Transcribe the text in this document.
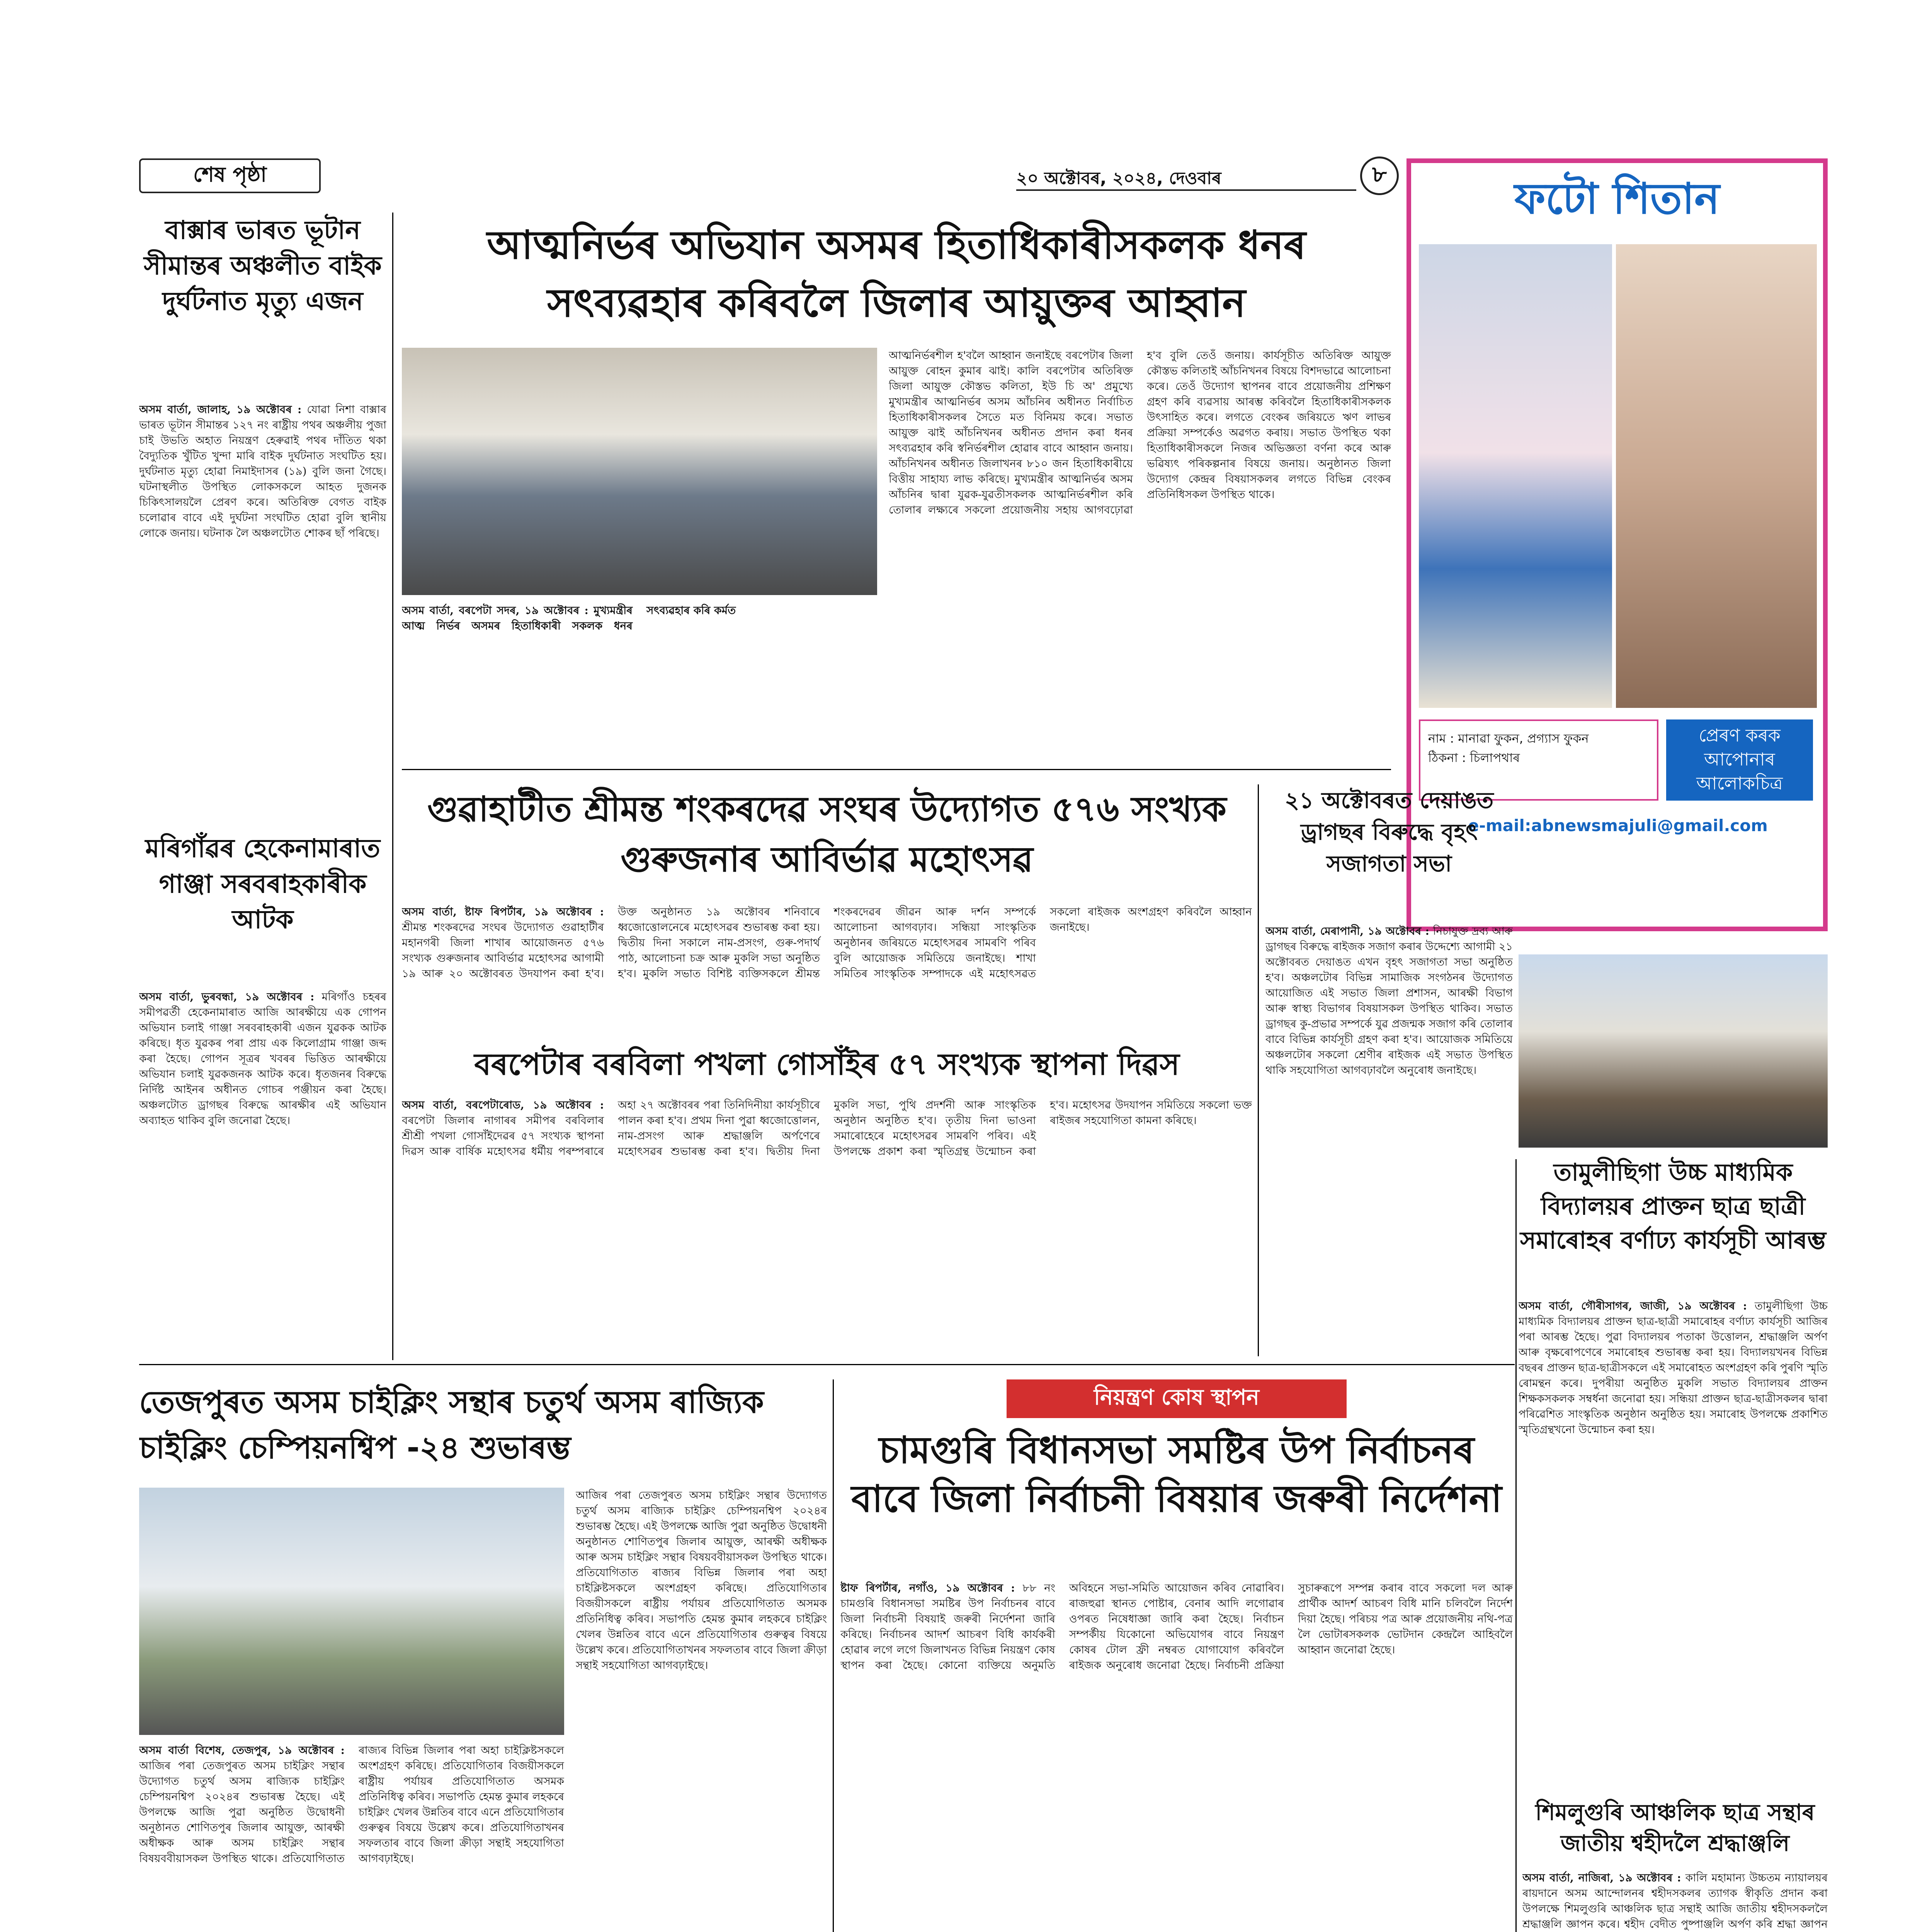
শেষ পৃষ্ঠা	২০ অক্টোবৰ, ২০২৪, দেওবাৰ	৮	ফটো শিতান
নাম : মানাৱা ফুকন, প্রগ্যাস ফুকন
ঠিকনা : চিলাপথাৰ
প্ৰেৰণ কৰক আপোনাৰ আলোকচিত্ৰ
e-mail:abnewsmajuli@gmail.com
বাক্সাৰ ভাৰত ভূটান সীমান্তৰ অঞ্চলীত বাইক দুৰ্ঘটনাত মৃত্যু এজন
অসম বাৰ্তা, জালাহ, ১৯ অক্টোবৰ : যোৱা নিশা বাক্সাৰ ভাৰত ভূটান সীমান্তৰ ১২৭ নং ৰাষ্ট্ৰীয় পথৰ অঞ্চলীয় পুজা চাই উভতি অহাত নিয়ন্ত্ৰণ হেৰুৱাই পথৰ দাঁতিত থকা বৈদ্যুতিক খুঁটিত খুন্দা মাৰি বাইক দুৰ্ঘটনাত সংঘটিত হয়। দুৰ্ঘটনাত মৃত্যু হোৱা নিমাইদাসৰ (১৯) বুলি জনা গৈছে। ঘটনাস্থলীত উপস্থিত লোকসকলে আহত দুজনক চিকিৎসালয়লৈ প্ৰেৰণ কৰে। অতিৰিক্ত বেগত বাইক চলোৱাৰ বাবে এই দুৰ্ঘটনা সংঘটিত হোৱা বুলি স্থানীয় লোকে জনায়। ঘটনাক লৈ অঞ্চলটোত শোকৰ ছাঁ পৰিছে।
আত্মনিৰ্ভৰ অভিযান অসমৰ হিতাধিকাৰীসকলক ধনৰ সৎব্যৱহাৰ কৰিবলৈ জিলাৰ আয়ুক্তৰ আহ্বান
অসম বাৰ্তা, বৰপেটা সদৰ, ১৯ অক্টোবৰ : মুখ্যমন্ত্ৰীৰ আত্ম নিৰ্ভৰ অসমৰ হিতাধিকাৰী সকলক ধনৰ সৎব্যৱহাৰ কৰি কৰ্মত
আত্মনিৰ্ভৰশীল হ'বলৈ আহ্বান জনাইছে বৰপেটাৰ জিলা আয়ুক্ত ৰোহন কুমাৰ ঝাই। কালি বৰপেটাৰ অতিৰিক্ত জিলা আয়ুক্ত কৌস্তভ কলিতা, ইউ চি অ' প্ৰমুখ্যে মুখ্যমন্ত্ৰীৰ আত্মনিৰ্ভৰ অসম আঁচনিৰ অধীনত নিৰ্বাচিত হিতাধিকাৰীসকলৰ সৈতে মত বিনিময় কৰে। সভাত আয়ুক্ত ঝাই আঁচনিখনৰ অধীনত প্ৰদান কৰা ধনৰ সৎব্যৱহাৰ কৰি স্বনিৰ্ভৰশীল হোৱাৰ বাবে আহ্বান জনায়। আঁচনিখনৰ অধীনত জিলাখনৰ ৮১০ জন হিতাধিকাৰীয়ে বিত্তীয় সাহায্য লাভ কৰিছে। মুখ্যমন্ত্ৰীৰ আত্মনিৰ্ভৰ অসম আঁচনিৰ দ্বাৰা যুৱক-যুৱতীসকলক আত্মনিৰ্ভৰশীল কৰি তোলাৰ লক্ষ্যৰে সকলো প্ৰয়োজনীয় সহায় আগবঢ়োৱা হ'ব বুলি তেওঁ জনায়। কাৰ্যসূচীত অতিৰিক্ত আয়ুক্ত কৌস্তভ কলিতাই আঁচনিখনৰ বিষয়ে বিশদভাৱে আলোচনা কৰে। তেওঁ উদ্যোগ স্থাপনৰ বাবে প্ৰয়োজনীয় প্ৰশিক্ষণ গ্ৰহণ কৰি ব্যৱসায় আৰম্ভ কৰিবলৈ হিতাধিকাৰীসকলক উৎসাহিত কৰে। লগতে বেংকৰ জৰিয়তে ঋণ লাভৰ প্ৰক্ৰিয়া সম্পৰ্কেও অৱগত কৰায়। সভাত উপস্থিত থকা হিতাধিকাৰীসকলে নিজৰ অভিজ্ঞতা বৰ্ণনা কৰে আৰু ভৱিষ্যৎ পৰিকল্পনাৰ বিষয়ে জনায়। অনুষ্ঠানত জিলা উদ্যোগ কেন্দ্ৰৰ বিষয়াসকলৰ লগতে বিভিন্ন বেংকৰ প্ৰতিনিধিসকল উপস্থিত থাকে।
মৰিগাঁৱৰ হেকেনামাৰাত গাঞ্জা সৰবৰাহকাৰীক আটক
অসম বাৰ্তা, ভুৰবন্ধা, ১৯ অক্টোবৰ : মৰিগাঁও চহৰৰ সমীপৱৰ্তী হেকেনামাৰাত আজি আৰক্ষীয়ে এক গোপন অভিযান চলাই গাঞ্জা সৰবৰাহকাৰী এজন যুৱকক আটক কৰিছে। ধৃত যুৱকৰ পৰা প্ৰায় এক কিলোগ্ৰাম গাঞ্জা জব্দ কৰা হৈছে। গোপন সূত্ৰৰ খবৰৰ ভিত্তিত আৰক্ষীয়ে অভিযান চলাই যুৱকজনক আটক কৰে। ধৃতজনৰ বিৰুদ্ধে নিৰ্দিষ্ট আইনৰ অধীনত গোচৰ পঞ্জীয়ন কৰা হৈছে। অঞ্চলটোত ড্ৰাগছৰ বিৰুদ্ধে আৰক্ষীৰ এই অভিযান অব্যাহত থাকিব বুলি জনোৱা হৈছে।
গুৱাহাটীত শ্ৰীমন্ত শংকৰদেৱ সংঘৰ উদ্যোগত ৫৭৬ সংখ্যক গুৰুজনাৰ আবিৰ্ভাৱ মহোৎসৱ
অসম বাৰ্তা, ষ্টাফ ৰিপৰ্টাৰ, ১৯ অক্টোবৰ : শ্ৰীমন্ত শংকৰদেৱ সংঘৰ উদ্যোগত গুৱাহাটীৰ মহানগৰী জিলা শাখাৰ আয়োজনত ৫৭৬ সংখ্যক গুৰুজনাৰ আবিৰ্ভাৱ মহোৎসৱ আগামী ১৯ আৰু ২০ অক্টোবৰত উদযাপন কৰা হ'ব। উক্ত অনুষ্ঠানত ১৯ অক্টোবৰ শনিবাৰে ধ্বজোত্তোলনেৰে মহোৎসৱৰ শুভাৰম্ভ কৰা হয়। দ্বিতীয় দিনা সকালে নাম-প্ৰসংগ, গুৰু-পদাৰ্থ পাঠ, আলোচনা চক্ৰ আৰু মুকলি সভা অনুষ্ঠিত হ'ব। মুকলি সভাত বিশিষ্ট ব্যক্তিসকলে শ্ৰীমন্ত শংকৰদেৱৰ জীৱন আৰু দৰ্শন সম্পৰ্কে আলোচনা আগবঢ়াব। সন্ধিয়া সাংস্কৃতিক অনুষ্ঠানৰ জৰিয়তে মহোৎসৱৰ সামৰণি পৰিব বুলি আয়োজক সমিতিয়ে জনাইছে। শাখা সমিতিৰ সাংস্কৃতিক সম্পাদকে এই মহোৎসৱত সকলো ৰাইজক অংশগ্ৰহণ কৰিবলৈ আহ্বান জনাইছে।
২১ অক্টোবৰত দেয়াঙত ড্ৰাগছৰ বিৰুদ্ধে বৃহৎ সজাগতা সভা
অসম বাৰ্তা, মেৰাপানী, ১৯ অক্টোবৰ : নিচাযুক্ত দ্ৰব্য আৰু ড্ৰাগছৰ বিৰুদ্ধে ৰাইজক সজাগ কৰাৰ উদ্দেশ্যে আগামী ২১ অক্টোবৰত দেয়াঙত এখন বৃহৎ সজাগতা সভা অনুষ্ঠিত হ'ব। অঞ্চলটোৰ বিভিন্ন সামাজিক সংগঠনৰ উদ্যোগত আয়োজিত এই সভাত জিলা প্ৰশাসন, আৰক্ষী বিভাগ আৰু স্বাস্থ্য বিভাগৰ বিষয়াসকল উপস্থিত থাকিব। সভাত ড্ৰাগছৰ কু-প্ৰভাৱ সম্পৰ্কে যুৱ প্ৰজন্মক সজাগ কৰি তোলাৰ বাবে বিভিন্ন কাৰ্যসূচী গ্ৰহণ কৰা হ'ব। আয়োজক সমিতিয়ে অঞ্চলটোৰ সকলো শ্ৰেণীৰ ৰাইজক এই সভাত উপস্থিত থাকি সহযোগিতা আগবঢ়াবলৈ অনুৰোধ জনাইছে।
বৰপেটাৰ বৰবিলা পখলা গোসাঁইৰ ৫৭ সংখ্যক স্থাপনা দিৱস
অসম বাৰ্তা, বৰপেটাৰোড, ১৯ অক্টোবৰ : বৰপেটা জিলাৰ নাগাৰৰ সমীপৰ বৰবিলাৰ শ্ৰীশ্ৰী পখলা গোসাঁইদেৱৰ ৫৭ সংখ্যক স্থাপনা দিৱস আৰু বাৰ্ষিক মহোৎসৱ ধৰ্মীয় পৰম্পৰাৰে অহা ২৭ অক্টোবৰৰ পৰা তিনিদিনীয়া কাৰ্যসূচীৰে পালন কৰা হ'ব। প্ৰথম দিনা পুৱা ধ্বজোত্তোলন, নাম-প্ৰসংগ আৰু শ্ৰদ্ধাঞ্জলি অৰ্পণেৰে মহোৎসৱৰ শুভাৰম্ভ কৰা হ'ব। দ্বিতীয় দিনা মুকলি সভা, পুথি প্ৰদৰ্শনী আৰু সাংস্কৃতিক অনুষ্ঠান অনুষ্ঠিত হ'ব। তৃতীয় দিনা ভাওনা সমাৰোহেৰে মহোৎসৱৰ সামৰণি পৰিব। এই উপলক্ষে প্ৰকাশ কৰা স্মৃতিগ্ৰন্থ উন্মোচন কৰা হ'ব। মহোৎসৱ উদযাপন সমিতিয়ে সকলো ভক্ত ৰাইজৰ সহযোগিতা কামনা কৰিছে।
তামুলীছিগা উচ্চ মাধ্যমিক বিদ্যালয়ৰ প্ৰাক্তন ছাত্ৰ ছাত্ৰী সমাৰোহৰ বৰ্ণাঢ্য কাৰ্যসূচী আৰম্ভ
অসম বাৰ্তা, গৌৰীসাগৰ, জাজী, ১৯ অক্টোবৰ : তামুলীছিগা উচ্চ মাধ্যমিক বিদ্যালয়ৰ প্ৰাক্তন ছাত্ৰ-ছাত্ৰী সমাৰোহৰ বৰ্ণাঢ্য কাৰ্যসূচী আজিৰ পৰা আৰম্ভ হৈছে। পুৱা বিদ্যালয়ৰ পতাকা উত্তোলন, শ্ৰদ্ধাঞ্জলি অৰ্পণ আৰু বৃক্ষৰোপণেৰে সমাৰোহৰ শুভাৰম্ভ কৰা হয়। বিদ্যালয়খনৰ বিভিন্ন বছৰৰ প্ৰাক্তন ছাত্ৰ-ছাত্ৰীসকলে এই সমাৰোহত অংশগ্ৰহণ কৰি পুৰণি স্মৃতি ৰোমন্থন কৰে। দুপৰীয়া অনুষ্ঠিত মুকলি সভাত বিদ্যালয়ৰ প্ৰাক্তন শিক্ষকসকলক সম্বৰ্ধনা জনোৱা হয়। সন্ধিয়া প্ৰাক্তন ছাত্ৰ-ছাত্ৰীসকলৰ দ্বাৰা পৰিৱেশিত সাংস্কৃতিক অনুষ্ঠান অনুষ্ঠিত হয়। সমাৰোহ উপলক্ষে প্ৰকাশিত স্মৃতিগ্ৰন্থখনো উন্মোচন কৰা হয়।
তেজপুৰত অসম চাইক্লিং সন্থাৰ চতুৰ্থ অসম ৰাজ্যিক চাইক্লিং চেম্পিয়নশ্বিপ -২৪ শুভাৰম্ভ
আজিৰ পৰা তেজপুৰত অসম চাইক্লিং সন্থাৰ উদ্যোগত চতুৰ্থ অসম ৰাজ্যিক চাইক্লিং চেম্পিয়নশ্বিপ ২০২৪ৰ শুভাৰম্ভ হৈছে। এই উপলক্ষে আজি পুৱা অনুষ্ঠিত উদ্বোধনী অনুষ্ঠানত শোণিতপুৰ জিলাৰ আয়ুক্ত, আৰক্ষী অধীক্ষক আৰু অসম চাইক্লিং সন্থাৰ বিষয়ববীয়াসকল উপস্থিত থাকে। প্ৰতিযোগিতাত ৰাজ্যৰ বিভিন্ন জিলাৰ পৰা অহা চাইক্লিষ্টসকলে অংশগ্ৰহণ কৰিছে। প্ৰতিযোগিতাৰ বিজয়ীসকলে ৰাষ্ট্ৰীয় পৰ্যায়ৰ প্ৰতিযোগিতাত অসমক প্ৰতিনিধিত্ব কৰিব। সভাপতি হেমন্ত কুমাৰ লহকৰে চাইক্লিং খেলৰ উন্নতিৰ বাবে এনে প্ৰতিযোগিতাৰ গুৰুত্বৰ বিষয়ে উল্লেখ কৰে। প্ৰতিযোগিতাখনৰ সফলতাৰ বাবে জিলা ক্ৰীড়া সন্থাই সহযোগিতা আগবঢ়াইছে।
অসম বাৰ্তা বিশেষ, তেজপুৰ, ১৯ অক্টোবৰ : আজিৰ পৰা তেজপুৰত অসম চাইক্লিং সন্থাৰ উদ্যোগত চতুৰ্থ অসম ৰাজ্যিক চাইক্লিং চেম্পিয়নশ্বিপ ২০২৪ৰ শুভাৰম্ভ হৈছে। এই উপলক্ষে আজি পুৱা অনুষ্ঠিত উদ্বোধনী অনুষ্ঠানত শোণিতপুৰ জিলাৰ আয়ুক্ত, আৰক্ষী অধীক্ষক আৰু অসম চাইক্লিং সন্থাৰ বিষয়ববীয়াসকল উপস্থিত থাকে। প্ৰতিযোগিতাত ৰাজ্যৰ বিভিন্ন জিলাৰ পৰা অহা চাইক্লিষ্টসকলে অংশগ্ৰহণ কৰিছে। প্ৰতিযোগিতাৰ বিজয়ীসকলে ৰাষ্ট্ৰীয় পৰ্যায়ৰ প্ৰতিযোগিতাত অসমক প্ৰতিনিধিত্ব কৰিব। সভাপতি হেমন্ত কুমাৰ লহকৰে চাইক্লিং খেলৰ উন্নতিৰ বাবে এনে প্ৰতিযোগিতাৰ গুৰুত্বৰ বিষয়ে উল্লেখ কৰে। প্ৰতিযোগিতাখনৰ সফলতাৰ বাবে জিলা ক্ৰীড়া সন্থাই সহযোগিতা আগবঢ়াইছে।
নিয়ন্ত্ৰণ কোষ স্থাপন
চামগুৰি বিধানসভা সমষ্টিৰ উপ নিৰ্বাচনৰ বাবে জিলা নিৰ্বাচনী বিষয়াৰ জৰুৰী নিৰ্দেশনা
ষ্টাফ ৰিপৰ্টাৰ, নগাঁও, ১৯ অক্টোবৰ : ৮৮ নং চামগুৰি বিধানসভা সমষ্টিৰ উপ নিৰ্বাচনৰ বাবে জিলা নিৰ্বাচনী বিষয়াই জৰুৰী নিৰ্দেশনা জাৰি কৰিছে। নিৰ্বাচনৰ আদৰ্শ আচৰণ বিধি কাৰ্যকৰী হোৱাৰ লগে লগে জিলাখনত বিভিন্ন নিয়ন্ত্ৰণ কোষ স্থাপন কৰা হৈছে। কোনো ব্যক্তিয়ে অনুমতি অবিহনে সভা-সমিতি আয়োজন কৰিব নোৱাৰিব। ৰাজহুৱা স্থানত পোষ্টাৰ, বেনাৰ আদি লগোৱাৰ ওপৰত নিষেধাজ্ঞা জাৰি কৰা হৈছে। নিৰ্বাচন সম্পৰ্কীয় যিকোনো অভিযোগৰ বাবে নিয়ন্ত্ৰণ কোষৰ টোল ফ্ৰী নম্বৰত যোগাযোগ কৰিবলৈ ৰাইজক অনুৰোধ জনোৱা হৈছে। নিৰ্বাচনী প্ৰক্ৰিয়া সুচাৰুৰূপে সম্পন্ন কৰাৰ বাবে সকলো দল আৰু প্ৰাৰ্থীক আদৰ্শ আচৰণ বিধি মানি চলিবলৈ নিৰ্দেশ দিয়া হৈছে। পৰিচয় পত্ৰ আৰু প্ৰয়োজনীয় নথি-পত্ৰ লৈ ভোটাৰসকলক ভোটদান কেন্দ্ৰলৈ আহিবলৈ আহ্বান জনোৱা হৈছে।
শিমলুগুৰি আঞ্চলিক ছাত্ৰ সন্থাৰ জাতীয় শ্বহীদলৈ শ্ৰদ্ধাঞ্জলি
অসম বাৰ্তা, নাজিৰা, ১৯ অক্টোবৰ : কালি মহামান্য উচ্চতম ন্যায়ালয়ৰ ৰায়দানে অসম আন্দোলনৰ শ্বহীদসকলৰ ত্যাগক স্বীকৃতি প্ৰদান কৰা উপলক্ষে শিমলুগুৰি আঞ্চলিক ছাত্ৰ সন্থাই আজি জাতীয় শ্বহীদসকললৈ শ্ৰদ্ধাঞ্জলি জ্ঞাপন কৰে। শ্বহীদ বেদীত পুষ্পাঞ্জলি অৰ্পণ কৰি শ্ৰদ্ধা জ্ঞাপন
